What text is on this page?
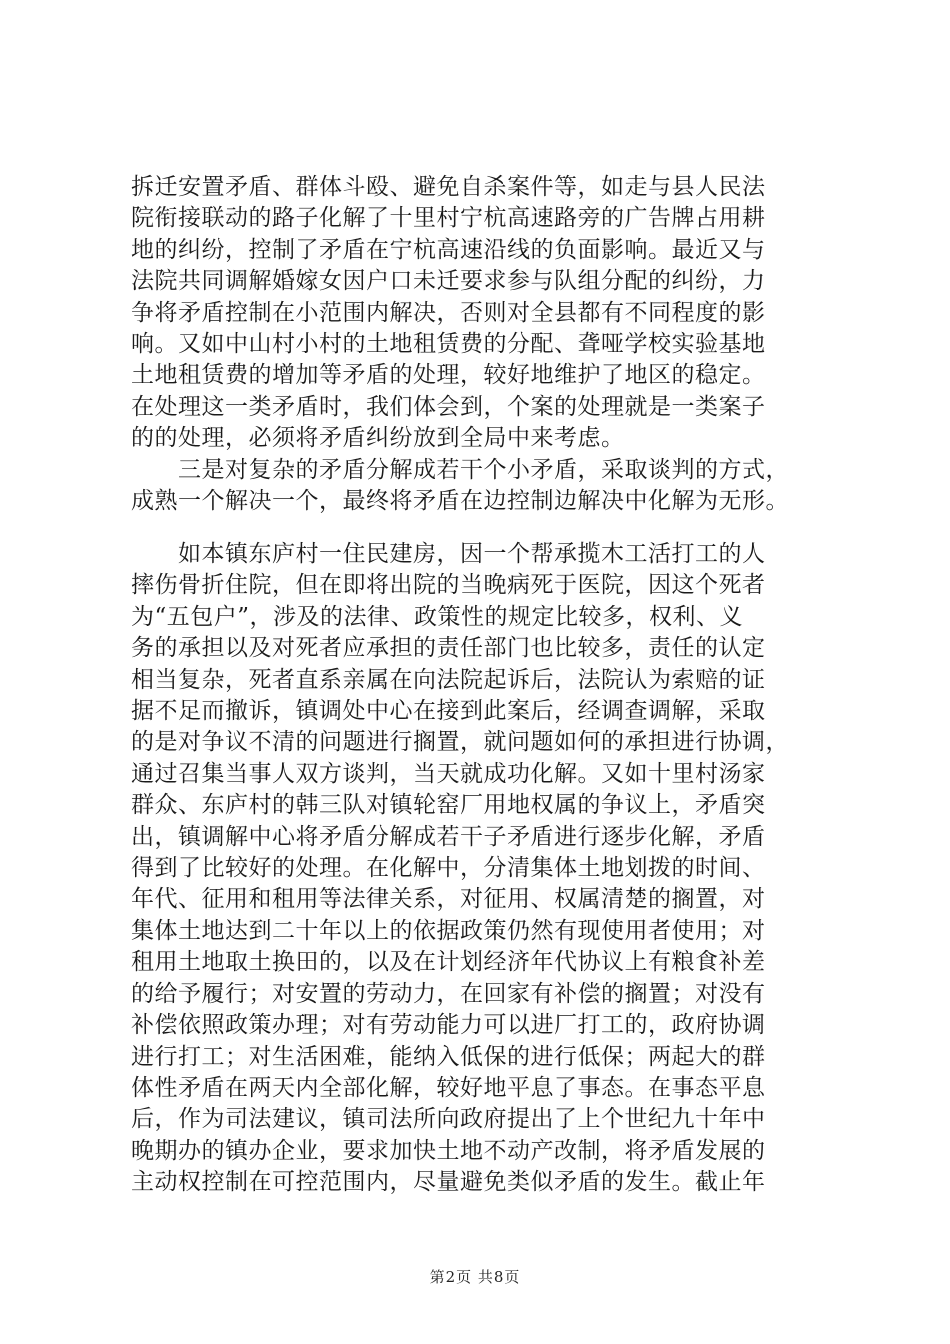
拆迁安置矛盾、群体斗殴、避免自杀案件等，如走与县人民法
院衔接联动的路子化解了十里村宁杭高速路旁的广告牌占用耕
地的纠纷，控制了矛盾在宁杭高速沿线的负面影响。最近又与
法院共同调解婚嫁女因户口未迁要求参与队组分配的纠纷，力
争将矛盾控制在小范围内解决，否则对全县都有不同程度的影
响。又如中山村小村的土地租赁费的分配、聋哑学校实验基地
土地租赁费的增加等矛盾的处理，较好地维护了地区的稳定。
在处理这一类矛盾时，我们体会到，个案的处理就是一类案子
的的处理，必须将矛盾纠纷放到全局中来考虑。
　　三是对复杂的矛盾分解成若干个小矛盾，采取谈判的方式，
成熟一个解决一个，最终将矛盾在边控制边解决中化解为无形。
　　如本镇东庐村一住民建房，因一个帮承揽木工活打工的人
摔伤骨折住院，但在即将出院的当晚病死于医院，因这个死者
为“五包户”，涉及的法律、政策性的规定比较多，权利、义
务的承担以及对死者应承担的责任部门也比较多，责任的认定
相当复杂，死者直系亲属在向法院起诉后，法院认为索赔的证
据不足而撤诉，镇调处中心在接到此案后，经调查调解，采取
的是对争议不清的问题进行搁置，就问题如何的承担进行协调，
通过召集当事人双方谈判，当天就成功化解。又如十里村汤家
群众、东庐村的韩三队对镇轮窑厂用地权属的争议上，矛盾突
出，镇调解中心将矛盾分解成若干子矛盾进行逐步化解，矛盾
得到了比较好的处理。在化解中，分清集体土地划拨的时间、
年代、征用和租用等法律关系，对征用、权属清楚的搁置，对
集体土地达到二十年以上的依据政策仍然有现使用者使用；对
租用土地取土换田的，以及在计划经济年代协议上有粮食补差
的给予履行；对安置的劳动力，在回家有补偿的搁置；对没有
补偿依照政策办理；对有劳动能力可以进厂打工的，政府协调
进行打工；对生活困难，能纳入低保的进行低保；两起大的群
体性矛盾在两天内全部化解，较好地平息了事态。在事态平息
后，作为司法建议，镇司法所向政府提出了上个世纪九十年中
晚期办的镇办企业，要求加快土地不动产改制，将矛盾发展的
主动权控制在可控范围内，尽量避免类似矛盾的发生。截止年
第2页 共8页
